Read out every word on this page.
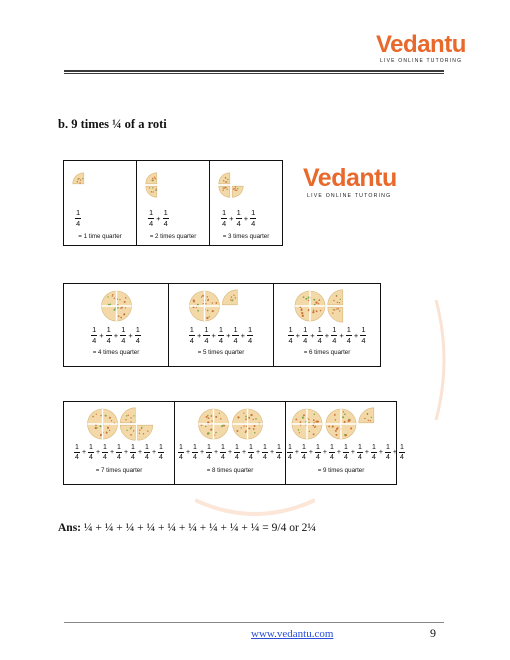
Vedantu
LIVE ONLINE TUTORING
b. 9 times ¼ of a roti
$\frac{1}{4}$
= 1 time quarter
$\frac{1}{4} + \frac{1}{4}$
= 2 times quarter
$\frac{1}{4} + \frac{1}{4} + \frac{1}{4}$
= 3 times quarter
Vedantu
LIVE ONLINE TUTORING
$\frac{1}{4} + \frac{1}{4} + \frac{1}{4} + \frac{1}{4}$
= 4 times quarter
$\frac{1}{4} + \frac{1}{4} + \frac{1}{4} + \frac{1}{4} + \frac{1}{4}$
= 5 times quarter
$\frac{1}{4} + \frac{1}{4} + \frac{1}{4} + \frac{1}{4} + \frac{1}{4} + \frac{1}{4}$
= 6 times quarter
$\frac{1}{4} + \frac{1}{4} + \frac{1}{4} + \frac{1}{4} + \frac{1}{4} + \frac{1}{4} + \frac{1}{4}$
= 7 times quarter
$\frac{1}{4} + \frac{1}{4} + \frac{1}{4} + \frac{1}{4} + \frac{1}{4} + \frac{1}{4} + \frac{1}{4} + \frac{1}{4}$
= 8 times quarter
$\frac{1}{4} + \frac{1}{4} + \frac{1}{4} + \frac{1}{4} + \frac{1}{4} + \frac{1}{4} + \frac{1}{4} + \frac{1}{4} + \frac{1}{4}$
= 9 times quarter
Ans: ¼ + ¼ + ¼ + ¼ + ¼ + ¼ + ¼ + ¼ + ¼ = 9/4 or 2¼
www.vedantu.com	9
